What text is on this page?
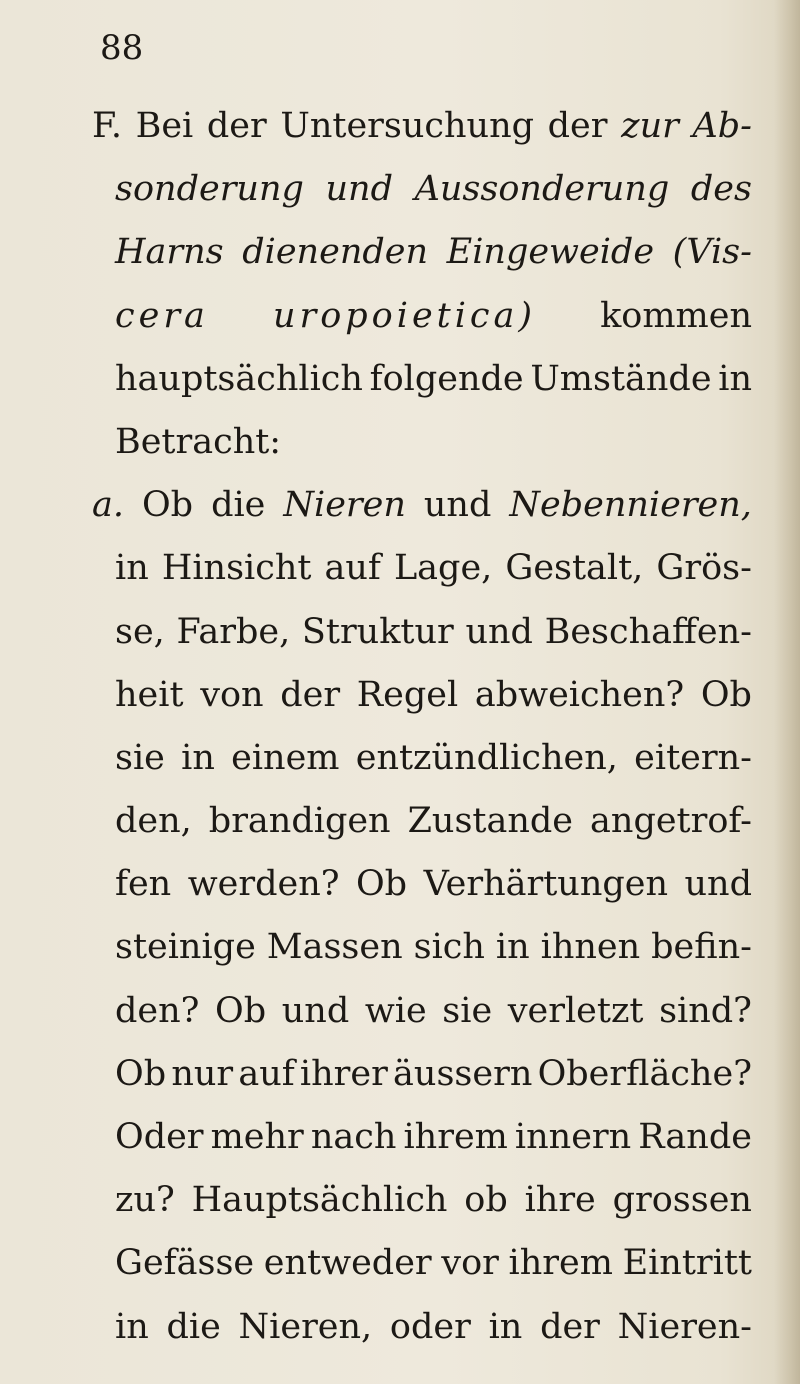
88
F. Bei der Untersuchung der zur Ab-
sonderung und Aussonderung des
Harns dienenden Eingeweide (Vis-
cera uropoietica) kommen
hauptsächlich folgende Umstände in
Betracht:
a. Ob die Nieren und Nebennieren,
in Hinsicht auf Lage, Gestalt, Grös-
se, Farbe, Struktur und Beschaffen-
heit von der Regel abweichen? Ob
sie in einem entzündlichen, eitern-
den, brandigen Zustande angetrof-
fen werden? Ob Verhärtungen und
steinige Massen sich in ihnen befin-
den? Ob und wie sie verletzt sind?
Ob nur auf ihrer äussern Oberfläche?
Oder mehr nach ihrem innern Rande
zu? Hauptsächlich ob ihre grossen
Gefässe entweder vor ihrem Eintritt
in die Nieren, oder in der Nieren-
